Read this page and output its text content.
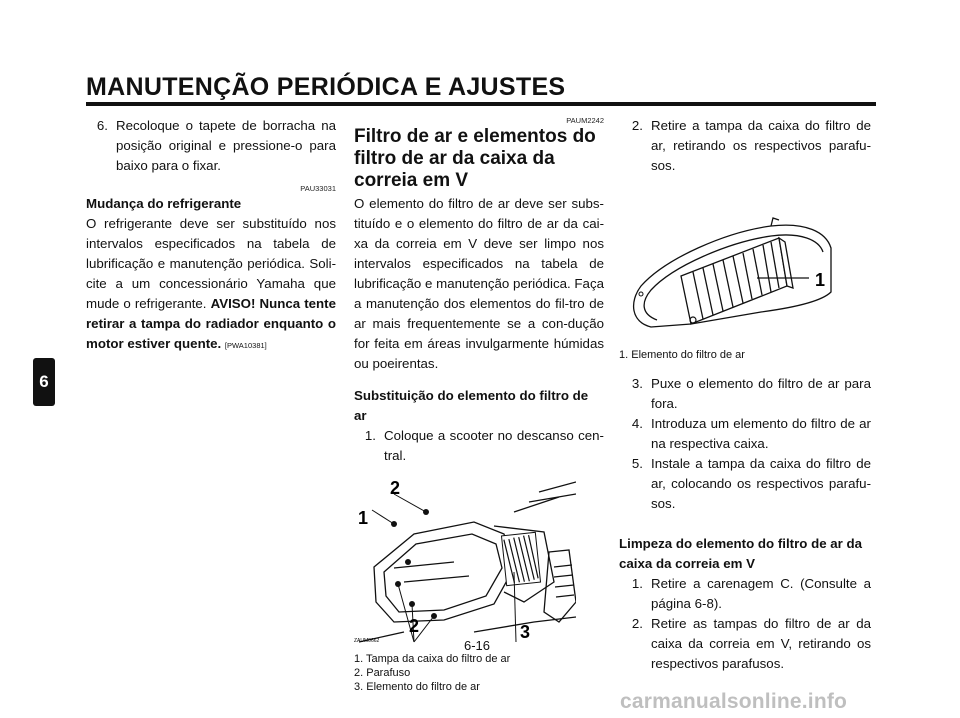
MANUTENÇÃO PERIÓDICA E AJUSTES
6
6. Recoloque o tapete de borracha na posição original e pressione-o para baixo para o fixar.
PAU33031
Mudança do refrigerante

O refrigerante deve ser substituído nos intervalos especificados na tabela de lubrificação e manutenção periódica. Soli-cite a um concessionário Yamaha que mude o refrigerante. AVISO! Nunca tente retirar a tampa do radiador enquanto o motor estiver quente. [PWA10381]

PAUM2242
Filtro de ar e elementos do filtro de ar da caixa da correia em V

O elemento do filtro de ar deve ser subs-tituído e o elemento do filtro de ar da cai-xa da correia em V deve ser limpo nos intervalos especificados na tabela de lubrificação e manutenção periódica. Faça a manutenção dos elementos do fil-tro de ar mais frequentemente se a con-dução for feita em áreas invulgarmente húmidas ou poeirentas.

Substituição do elemento do filtro de ar
1. Coloque a scooter no descanso cen-tral.
1
2
2	3
ZAUM0662
1. Tampa da caixa do filtro de ar
2. Parafuso
3. Elemento do filtro de ar
2. Retire a tampa da caixa do filtro de ar, retirando os respectivos parafu-sos.
1
1. Elemento do filtro de ar
3. Puxe o elemento do filtro de ar para fora.
4. Introduza um elemento do filtro de ar na respectiva caixa.
5. Instale a tampa da caixa do filtro de ar, colocando os respectivos parafu-sos.
Limpeza do elemento do filtro de ar da caixa da correia em V
1. Retire a carenagem C. (Consulte a página 6-8).
2. Retire as tampas do filtro de ar da caixa da correia em V, retirando os respectivos parafusos.
6-16
carmanualsonline.info
